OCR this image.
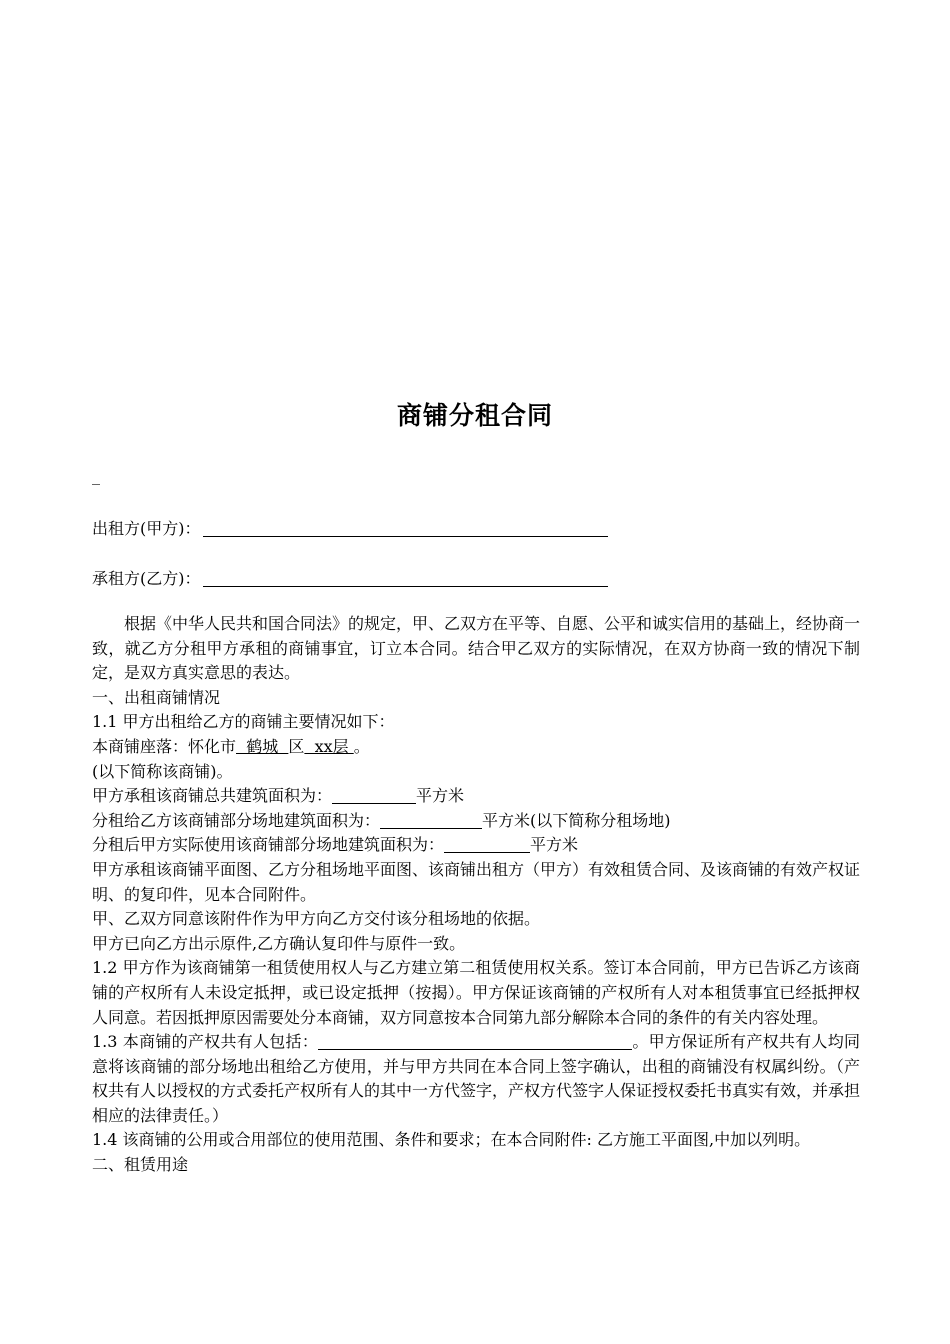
商铺分租合同
_
出租方(甲方)：
承租方(乙方)：

根据《中华人民共和国合同法》的规定，甲、乙双方在平等、自愿、公平和诚实信用的基础上，经协商一致，就乙方分租甲方承租的商铺事宜，订立本合同。结合甲乙双方的实际情况，在双方协商一致的情况下制定，是双方真实意思的表达。

一、出租商铺情况

1.1 甲方出租给乙方的商铺主要情况如下：

本商铺座落：怀化市  鹤城  区  xx层 。

(以下简称该商铺)。

甲方承租该商铺总共建筑面积为：	平方米

分租给乙方该商铺部分场地建筑面积为：	平方米(以下简称分租场地)

分租后甲方实际使用该商铺部分场地建筑面积为：	平方米

甲方承租该商铺平面图、乙方分租场地平面图、该商铺出租方（甲方）有效租赁合同、及该商铺的有效产权证明、的复印件，见本合同附件。

甲、乙双方同意该附件作为甲方向乙方交付该分租场地的依据。

甲方已向乙方出示原件,乙方确认复印件与原件一致。

1.2 甲方作为该商铺第一租赁使用权人与乙方建立第二租赁使用权关系。签订本合同前，甲方已告诉乙方该商铺的产权所有人未设定抵押，或已设定抵押（按揭）。甲方保证该商铺的产权所有人对本租赁事宜已经抵押权人同意。若因抵押原因需要处分本商铺，双方同意按本合同第九部分解除本合同的条件的有关内容处理。

1.3 本商铺的产权共有人包括：	。甲方保证所有产权共有人均同意将该商铺的部分场地出租给乙方使用，并与甲方共同在本合同上签字确认，出租的商铺没有权属纠纷。（产权共有人以授权的方式委托产权所有人的其中一方代签字，产权方代签字人保证授权委托书真实有效，并承担相应的法律责任。）

1.4 该商铺的公用或合用部位的使用范围、条件和要求；在本合同附件: 乙方施工平面图,中加以列明。

二、租赁用途
